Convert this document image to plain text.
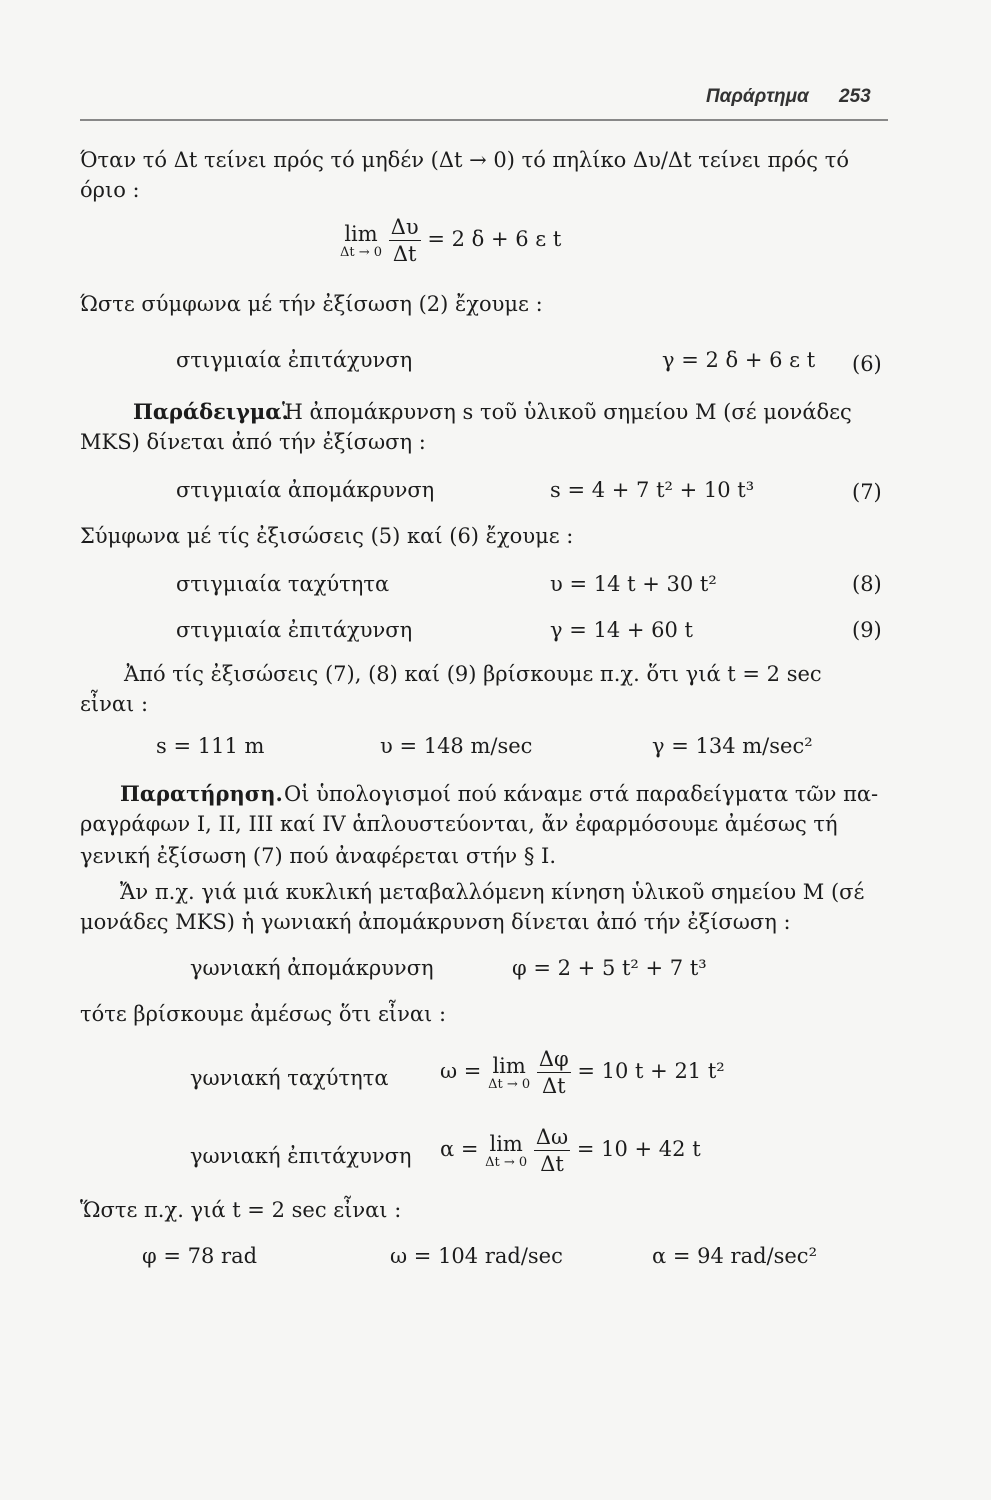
Παράρτημα 253
Όταν τό Δt τείνει πρός τό μηδέν (Δt → 0) τό πηλίκο Δυ/Δt τείνει πρός τό
όριο :
lim
Δt → 0
$\frac{\Delta\upsilon}{\Delta t} = 2$ δ + 6 ε t
Ώστε σύμφωνα μέ τήν ἐξίσωση (2) ἔχουμε :
στιγμιαία ἐπιτάχυνση	γ = 2 δ + 6 ε t (6)
Παράδειγμα.
Ἡ ἀπομάκρυνση s τοῦ ὑλικοῦ σημείου Μ (σέ μονάδες
MKS) δίνεται ἀπό τήν ἐξίσωση :
στιγμιαία ἀπομάκρυνση	s = 4 + 7 t² + 10 t³	(7)
Σύμφωνα μέ τίς ἐξισώσεις (5) καί (6) ἔχουμε :
στιγμιαία ταχύτητα	υ = 14 t + 30 t²	(8)
στιγμιαία ἐπιτάχυνση	γ = 14 + 60 t	(9)
Ἀπό τίς ἐξισώσεις (7), (8) καί (9) βρίσκουμε π.χ. ὅτι γιά t = 2 sec
εἶναι :
s = 111 m	υ = 148 m/sec	γ = 134 m/sec²
Παρατήρηση. Οἱ ὑπολογισμοί πού κάναμε στά παραδείγματα τῶν πα-
ραγράφων I, II, III καί IV ἁπλουστεύονται, ἄν ἐφαρμόσουμε ἀμέσως τή
γενική ἐξίσωση (7) πού ἀναφέρεται στήν § I.
Ἄν π.χ. γιά μιά κυκλική μεταβαλλόμενη κίνηση ὑλικοῦ σημείου Μ (σέ
μονάδες MKS) ἡ γωνιακή ἀπομάκρυνση δίνεται ἀπό τήν ἐξίσωση :
γωνιακή ἀπομάκρυνση	φ = 2 + 5 t² + 7 t³
τότε βρίσκουμε ἀμέσως ὅτι εἶναι :
γωνιακή ταχύτητα ω = lim
Δt → 0
$\frac{\Delta\varphi}{\Delta t} = 10$ t + 21 t²
γωνιακή ἐπιτάχυνση α = lim
Δt → 0
$\frac{\Delta\omega}{\Delta t} = 10 + 42$ t
Ὥστε π.χ. γιά t = 2 sec εἶναι :
φ = 78 rad	ω = 104 rad/sec	α = 94 rad/sec²
